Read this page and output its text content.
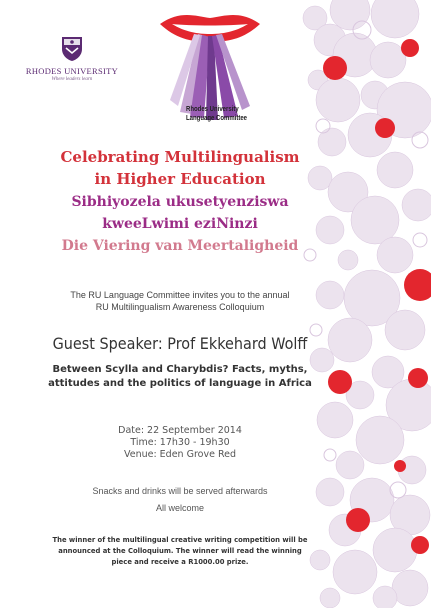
RHODES UNIVERSITY
Where leaders learn
Rhodes University
Language Committee
Celebrating Multilingualism
in Higher Education
Sibhiyozela ukusetyenziswa
kweeLwimi eziNinzi
Die Viering van Meertaligheid
The RU Language Committee invites you to the annual
RU Multilingualism Awareness Colloquium
Guest Speaker: Prof Ekkehard Wolff
Between Scylla and Charybdis? Facts, myths,
attitudes and the politics of language in Africa
Date: 22 September 2014
Time: 17h30 - 19h30
Venue: Eden Grove Red
Snacks and drinks will be served afterwards
All welcome
The winner of the multilingual creative writing competition will be
announced at the Colloquium. The winner will read the winning
piece and receive a R1000.00 prize.
